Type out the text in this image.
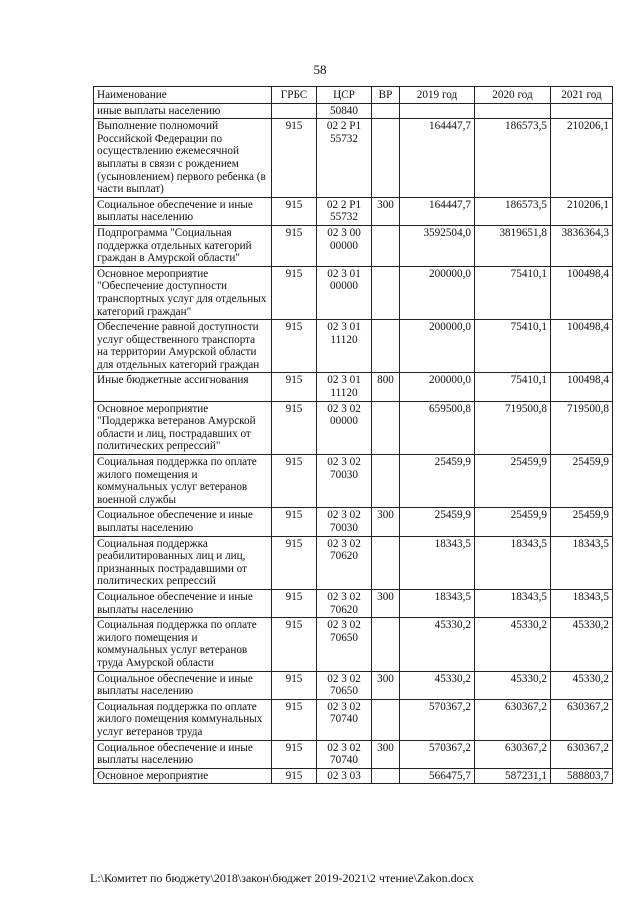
58
Наименование	ГРБС	ЦСР	ВР	2019 год	2020 год	2021 год
иные выплаты населению		50840				
Выполнение полномочий Российской Федерации по осуществлению ежемесячной выплаты в связи с рождением (усыновлением) первого ребенка (в части выплат)	915	02 2 P1 55732		164447,7	186573,5	210206,1
Социальное обеспечение и иные выплаты населению	915	02 2 P1 55732	300	164447,7	186573,5	210206,1
Подпрограмма "Социальная поддержка отдельных категорий граждан в Амурской области"	915	02 3 00 00000		3592504,0	3819651,8	3836364,3
Основное мероприятие "Обеспечение доступности транспортных услуг для отдельных категорий граждан"	915	02 3 01 00000		200000,0	75410,1	100498,4
Обеспечение равной доступности услуг общественного транспорта на территории Амурской области для отдельных категорий граждан	915	02 3 01 11120		200000,0	75410,1	100498,4
Иные бюджетные ассигнования	915	02 3 01 11120	800	200000,0	75410,1	100498,4
Основное мероприятие "Поддержка ветеранов Амурской области и лиц, пострадавших от политических репрессий"	915	02 3 02 00000		659500,8	719500,8	719500,8
Социальная поддержка по оплате жилого помещения и коммунальных услуг ветеранов военной службы	915	02 3 02 70030		25459,9	25459,9	25459,9
Социальное обеспечение и иные выплаты населению	915	02 3 02 70030	300	25459,9	25459,9	25459,9
Социальная поддержка реабилитированных лиц и лиц, признанных пострадавшими от политических репрессий	915	02 3 02 70620		18343,5	18343,5	18343,5
Социальное обеспечение и иные выплаты населению	915	02 3 02 70620	300	18343,5	18343,5	18343,5
Социальная поддержка по оплате жилого помещения и коммунальных услуг ветеранов труда Амурской области	915	02 3 02 70650		45330,2	45330,2	45330,2
Социальное обеспечение и иные выплаты населению	915	02 3 02 70650	300	45330,2	45330,2	45330,2
Социальная поддержка по оплате жилого помещения коммунальных услуг ветеранов труда	915	02 3 02 70740		570367,2	630367,2	630367,2
Социальное обеспечение и иные выплаты населению	915	02 3 02 70740	300	570367,2	630367,2	630367,2
Основное мероприятие	915	02 3 03		566475,7	587231,1	588803,7
L:\Комитет по бюджету\2018\закон\бюджет 2019-2021\2 чтение\Zakon.docx
